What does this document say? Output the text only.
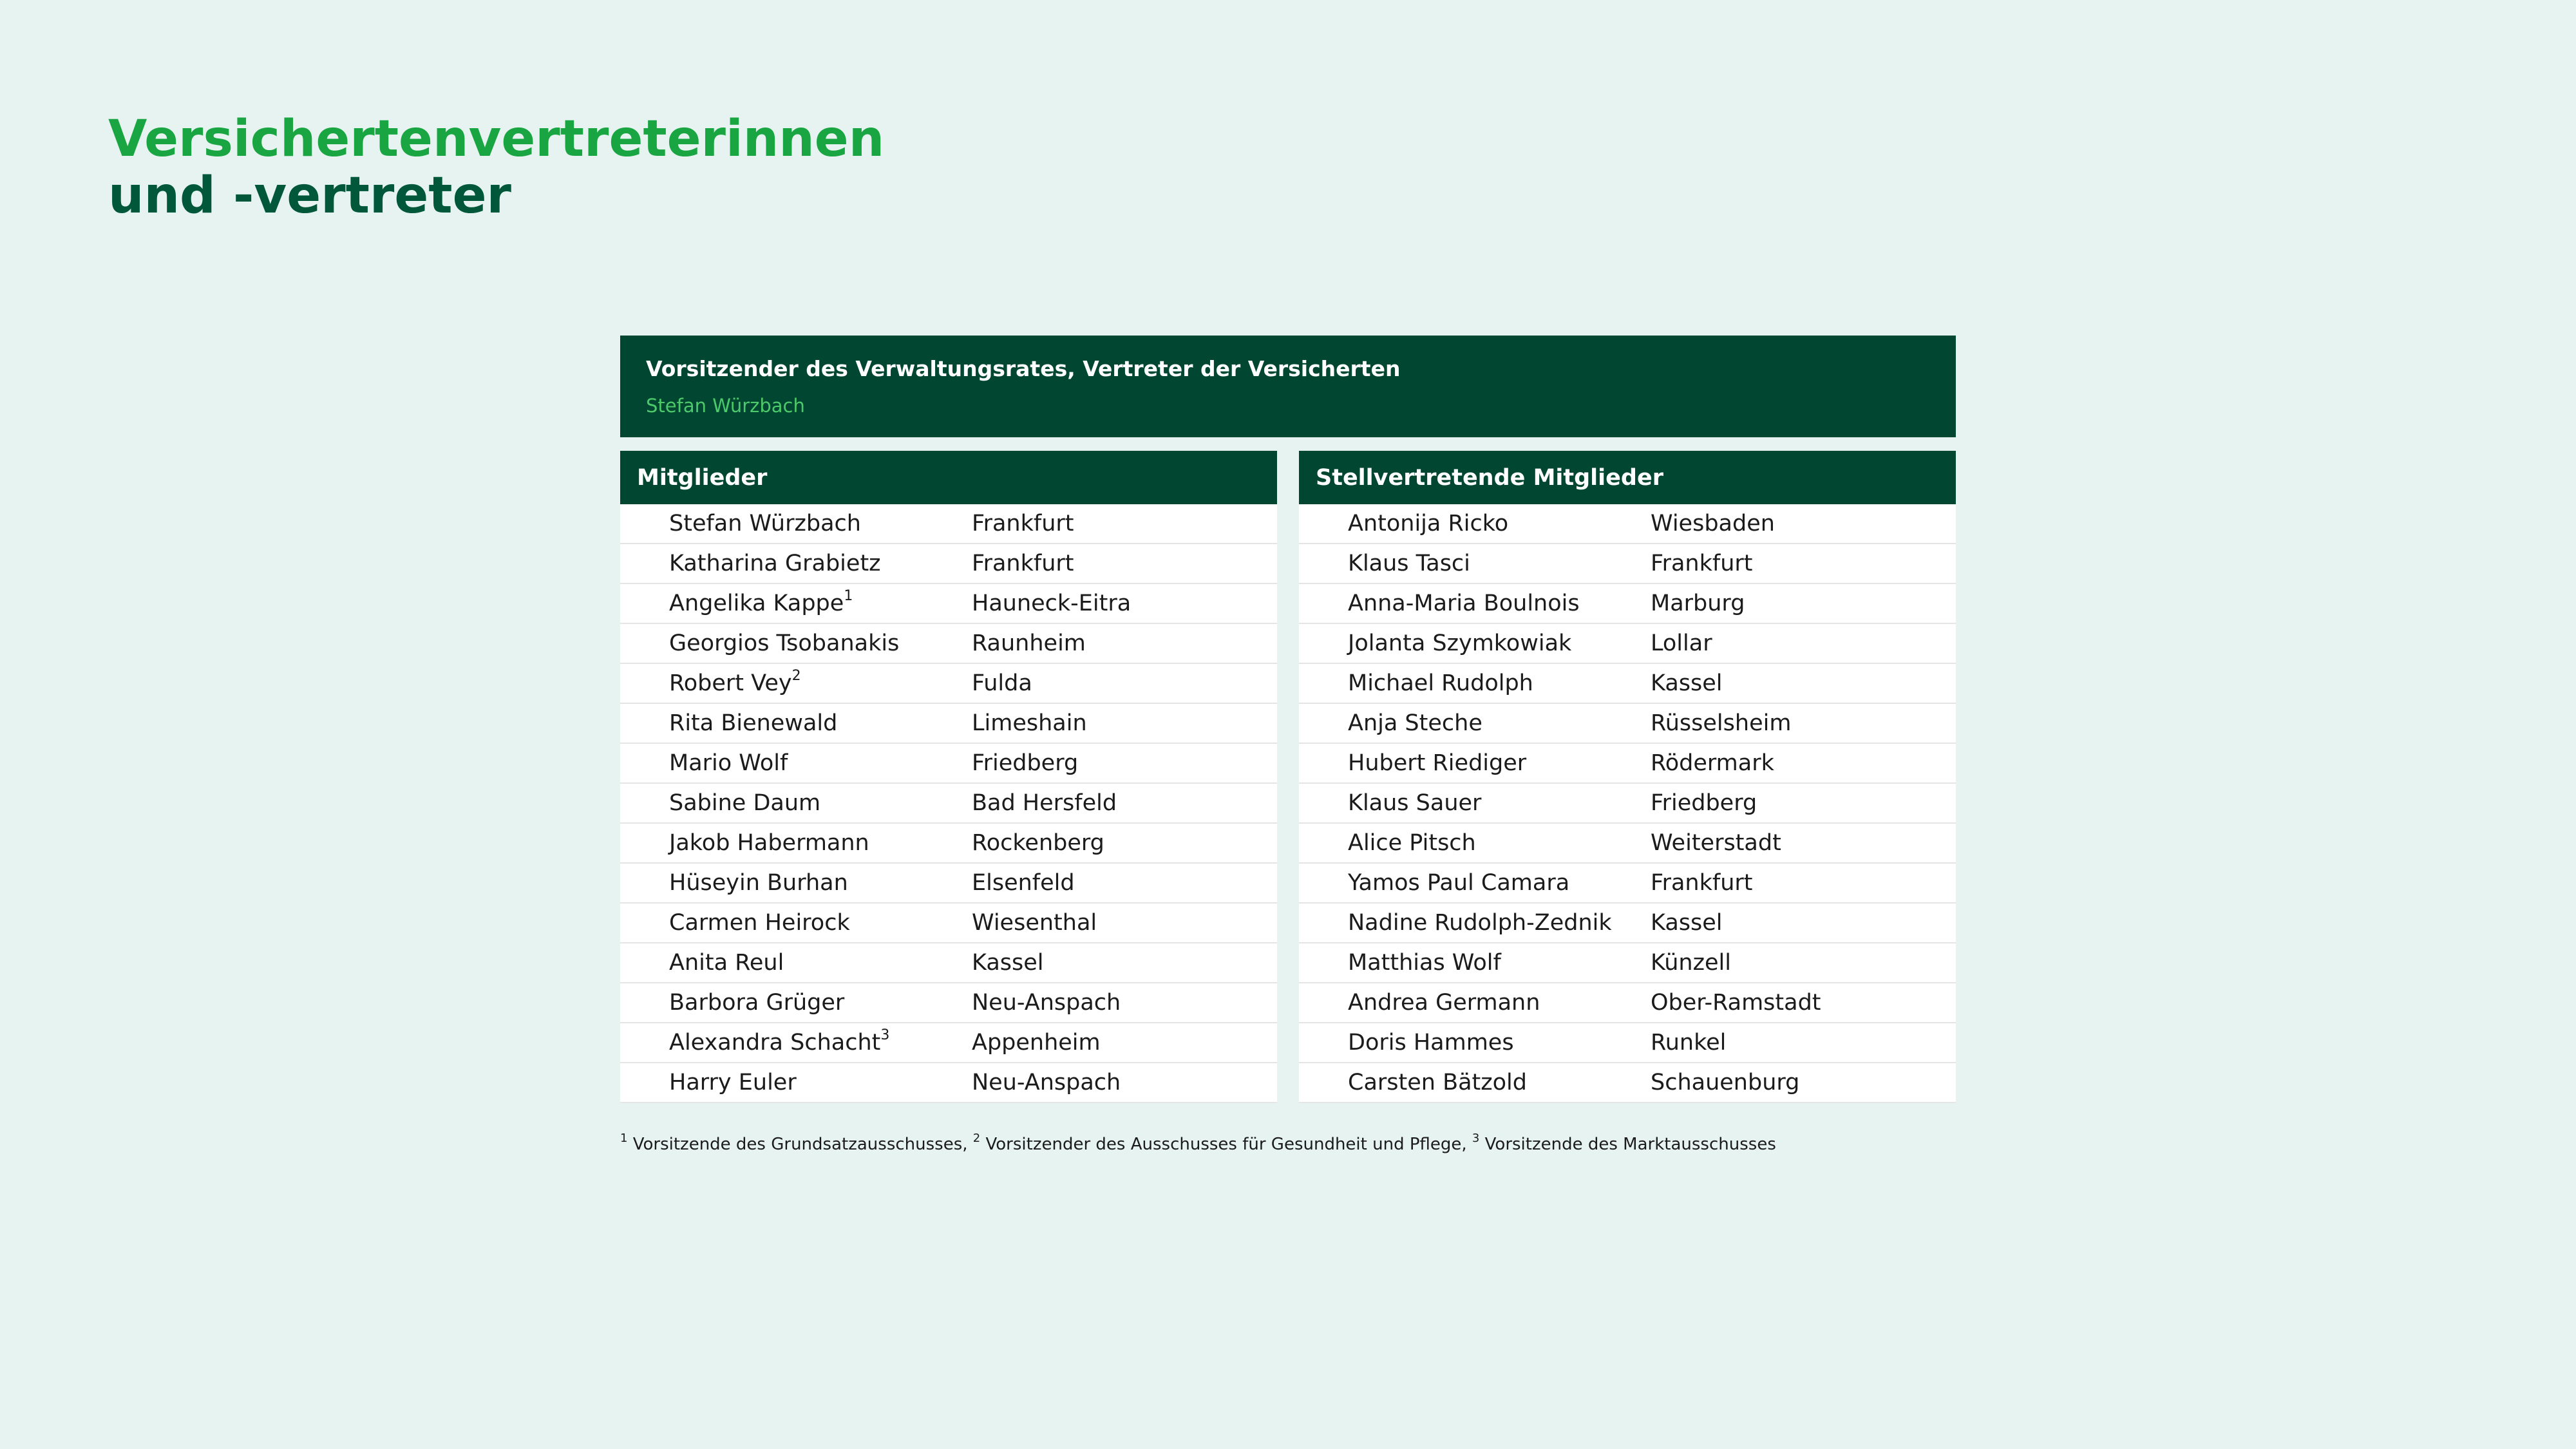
Versichertenvertreterinnen
und -vertreter
Vorsitzender des Verwaltungsrates, Vertreter der Versicherten
Stefan Würzbach
Mitglieder
Stefan Würzbach	Frankfurt
Katharina Grabietz	Frankfurt
Angelika Kappe$^1$	Hauneck-Eitra
Georgios Tsobanakis	Raunheim
Robert Vey$^2$	Fulda
Rita Bienewald	Limeshain
Mario Wolf	Friedberg
Sabine Daum	Bad Hersfeld
Jakob Habermann	Rockenberg
Hüseyin Burhan	Elsenfeld
Carmen Heirock	Wiesenthal
Anita Reul	Kassel
Barbora Grüger	Neu-Anspach
Alexandra Schacht$^3$	Appenheim
Harry Euler	Neu-Anspach
Stellvertretende Mitglieder
Antonija Ricko	Wiesbaden
Klaus Tasci	Frankfurt
Anna-Maria Boulnois	Marburg
Jolanta Szymkowiak	Lollar
Michael Rudolph	Kassel
Anja Steche	Rüsselsheim
Hubert Riediger	Rödermark
Klaus Sauer	Friedberg
Alice Pitsch	Weiterstadt
Yamos Paul Camara	Frankfurt
Nadine Rudolph-Zednik	Kassel
Matthias Wolf	Künzell
Andrea Germann	Ober-Ramstadt
Doris Hammes	Runkel
Carsten Bätzold	Schauenburg
$^1$ Vorsitzende des Grundsatzausschusses, $^2$ Vorsitzender des Ausschusses für Gesundheit und Pflege, $^3$ Vorsitzende des Marktausschusses
